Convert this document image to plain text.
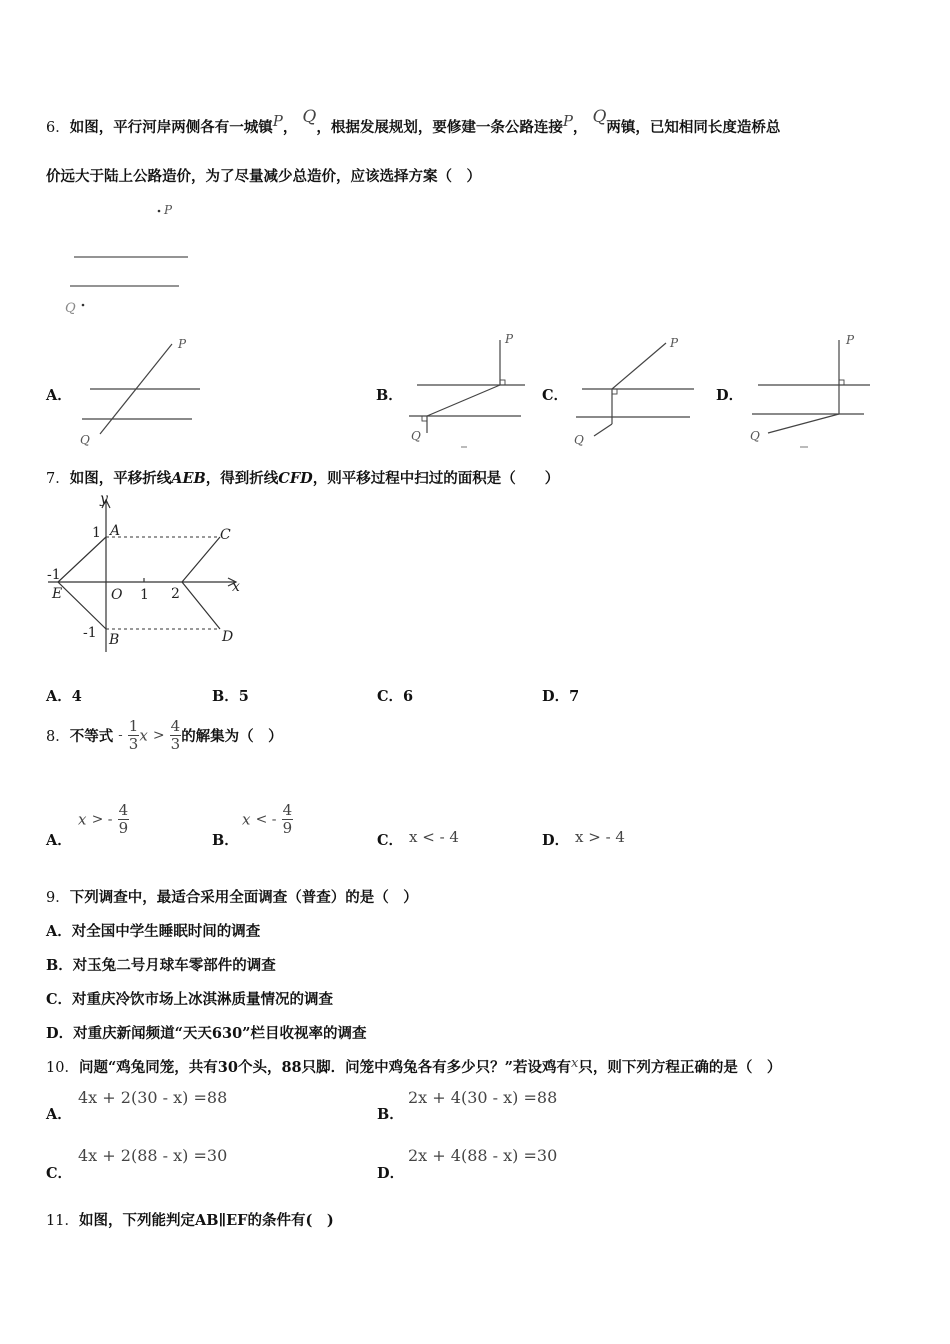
6．如图，平行河岸两侧各有一城镇P， Q，根据发展规划，要修建一条公路连接P， Q两镇，已知相同长度造桥总
价远大于陆上公路造价，为了尽量减少总造价，应该选择方案（　）
P
Q
A．
P
Q
B．
P
Q
C．
P
Q
D．
P
Q
7．如图，平移折线AEB，得到折线CFD，则平移过程中扫过的面积是（　　）
y
x
1 A	C
-1
E	O 1 2
-1 B	D
A．4	B．5	C．6	D．7
8．不等式 - $\frac{1}{3}$ $x > \frac{4}{3}$ 的解集为（　）
A．
x > - $\frac{4}{9}$
B．
x < - $\frac{4}{9}$
C． x < - 4	D． x > - 4
9．下列调查中，最适合采用全面调查（普查）的是（　）
A．对全国中学生睡眠时间的调查
B．对玉兔二号月球车零部件的调查
C．对重庆冷饮市场上冰淇淋质量情况的调查
D．对重庆新闻频道“天天630”栏目收视率的调查
10．问题“鸡兔同笼，共有30个头，88只脚．问笼中鸡兔各有多少只？”若设鸡有x只，则下列方程正确的是（　）
A．
4x + 2(30 - x) =88
B．
2x + 4(30 - x) =88
C．
4x + 2(88 - x) =30
D．
2x + 4(88 - x) =30
11．如图，下列能判定AB∥EF的条件有(　)
